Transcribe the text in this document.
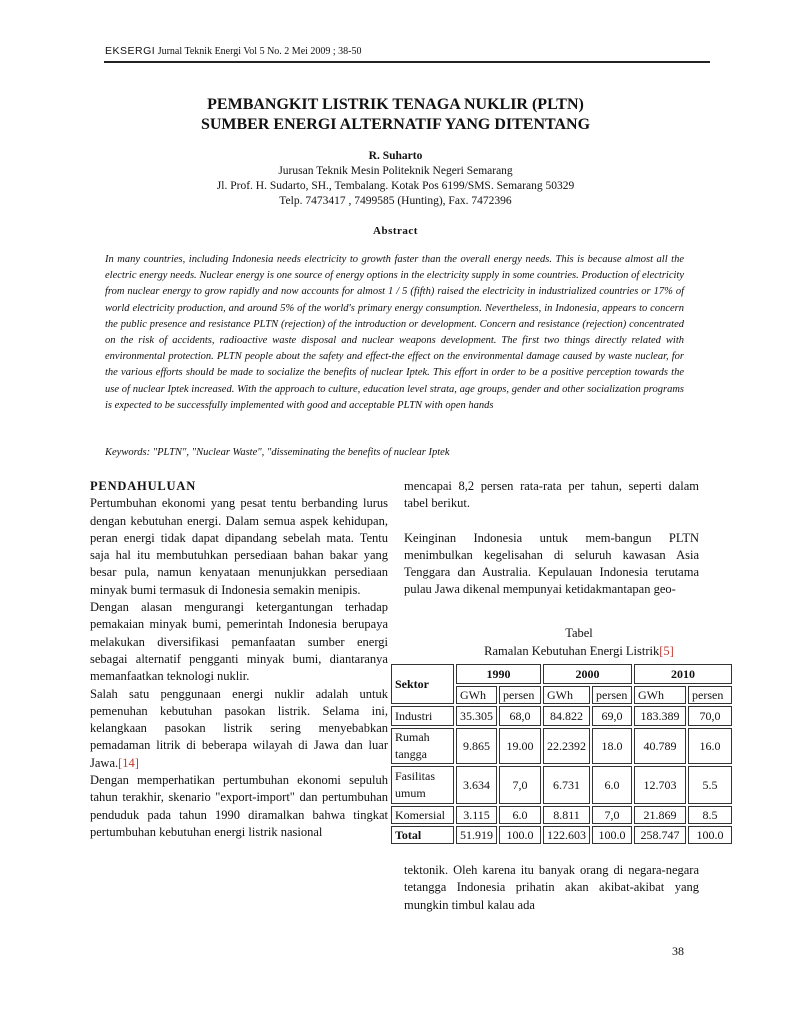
EKSERGI Jurnal Teknik Energi Vol 5 No. 2 Mei 2009 ; 38-50
PEMBANGKIT LISTRIK TENAGA NUKLIR (PLTN)
SUMBER ENERGI ALTERNATIF YANG DITENTANG
R. Suharto
Jurusan Teknik Mesin Politeknik Negeri Semarang
Jl. Prof. H. Sudarto, SH., Tembalang. Kotak Pos 6199/SMS. Semarang 50329
Telp. 7473417 , 7499585 (Hunting), Fax. 7472396
Abstract

In many countries, including Indonesia needs electricity to growth faster than the overall energy needs. This is because almost all the electric energy needs. Nuclear energy is one source of energy options in the electricity supply in some countries. Production of electricity from nuclear energy to grow rapidly and now accounts for almost 1 / 5 (fifth) raised the electricity in industrialized countries or 17% of world electricity production, and around 5% of the world's primary energy consumption. Nevertheless, in Indonesia, appears to concern the public presence and resistance PLTN (rejection) of the introduction or development. Concern and resistance (rejection) concentrated on the risk of accidents, radioactive waste disposal and nuclear weapons development. The first two things directly related with environmental protection. PLTN people about the safety and effect-the effect on the environmental damage caused by waste nuclear, for the various efforts should be made to socialize the benefits of nuclear Iptek. This effort in order to be a positive perception towards the use of nuclear Iptek increased. With the approach to culture, education level strata, age groups, gender and other socialization programs is expected to be successfully implemented with good and acceptable PLTN with open hands

Keywords: "PLTN", "Nuclear Waste", "disseminating the benefits of nuclear Iptek
PENDAHULUAN

Pertumbuhan ekonomi yang pesat tentu berbanding lurus dengan kebutuhan energi. Dalam semua aspek kehidupan, peran energi tidak dapat dipandang sebelah mata. Tentu saja hal itu membutuhkan persediaan bahan bakar yang besar pula, namun kenyataan menunjukkan persediaan minyak bumi termasuk di Indonesia semakin menipis.

Dengan alasan mengurangi ketergantungan terhadap pemakaian minyak bumi, pemerintah Indonesia berupaya melakukan diversifikasi pemanfaatan sumber energi sebagai alternatif pengganti minyak bumi, diantaranya memanfaatkan teknologi nuklir.

Salah satu penggunaan energi nuklir adalah untuk pemenuhan kebutuhan pasokan listrik. Selama ini, kelangkaan pasokan listrik sering menyebabkan pemadaman litrik di beberapa wilayah di Jawa dan luar Jawa.[14]

Dengan memperhatikan pertumbuhan ekonomi sepuluh tahun terakhir, skenario "export-import" dan pertumbuhan penduduk pada tahun 1990 diramalkan bahwa tingkat pertumbuhan kebutuhan energi listrik nasional

mencapai 8,2 persen rata-rata per tahun, seperti dalam tabel berikut.

Keinginan Indonesia untuk mem-bangun PLTN menimbulkan kegelisahan di seluruh kawasan Asia Tenggara dan Australia. Kepulauan Indonesia terutama pulau Jawa dikenal mempunyai ketidakmantapan geo-

Tabel
Ramalan Kebutuhan Energi Listrik[5]
Sektor	1990		2000		2010	
	GWh	persen	GWh	persen	GWh	persen
Industri	35.305	68,0	84.822	69,0	183.389	70,0
Rumah tangga	9.865	19.00	22.2392	18.0	40.789	16.0
Fasilitas umum	3.634	7,0	6.731	6.0	12.703	5.5
Komersial	3.115	6.0	8.811	7,0	21.869	8.5
Total	51.919	100.0	122.603	100.0	258.747	100.0

tektonik. Oleh karena itu banyak orang di negara-negara tetangga Indonesia prihatin akan akibat-akibat yang mungkin timbul kalau ada

38
